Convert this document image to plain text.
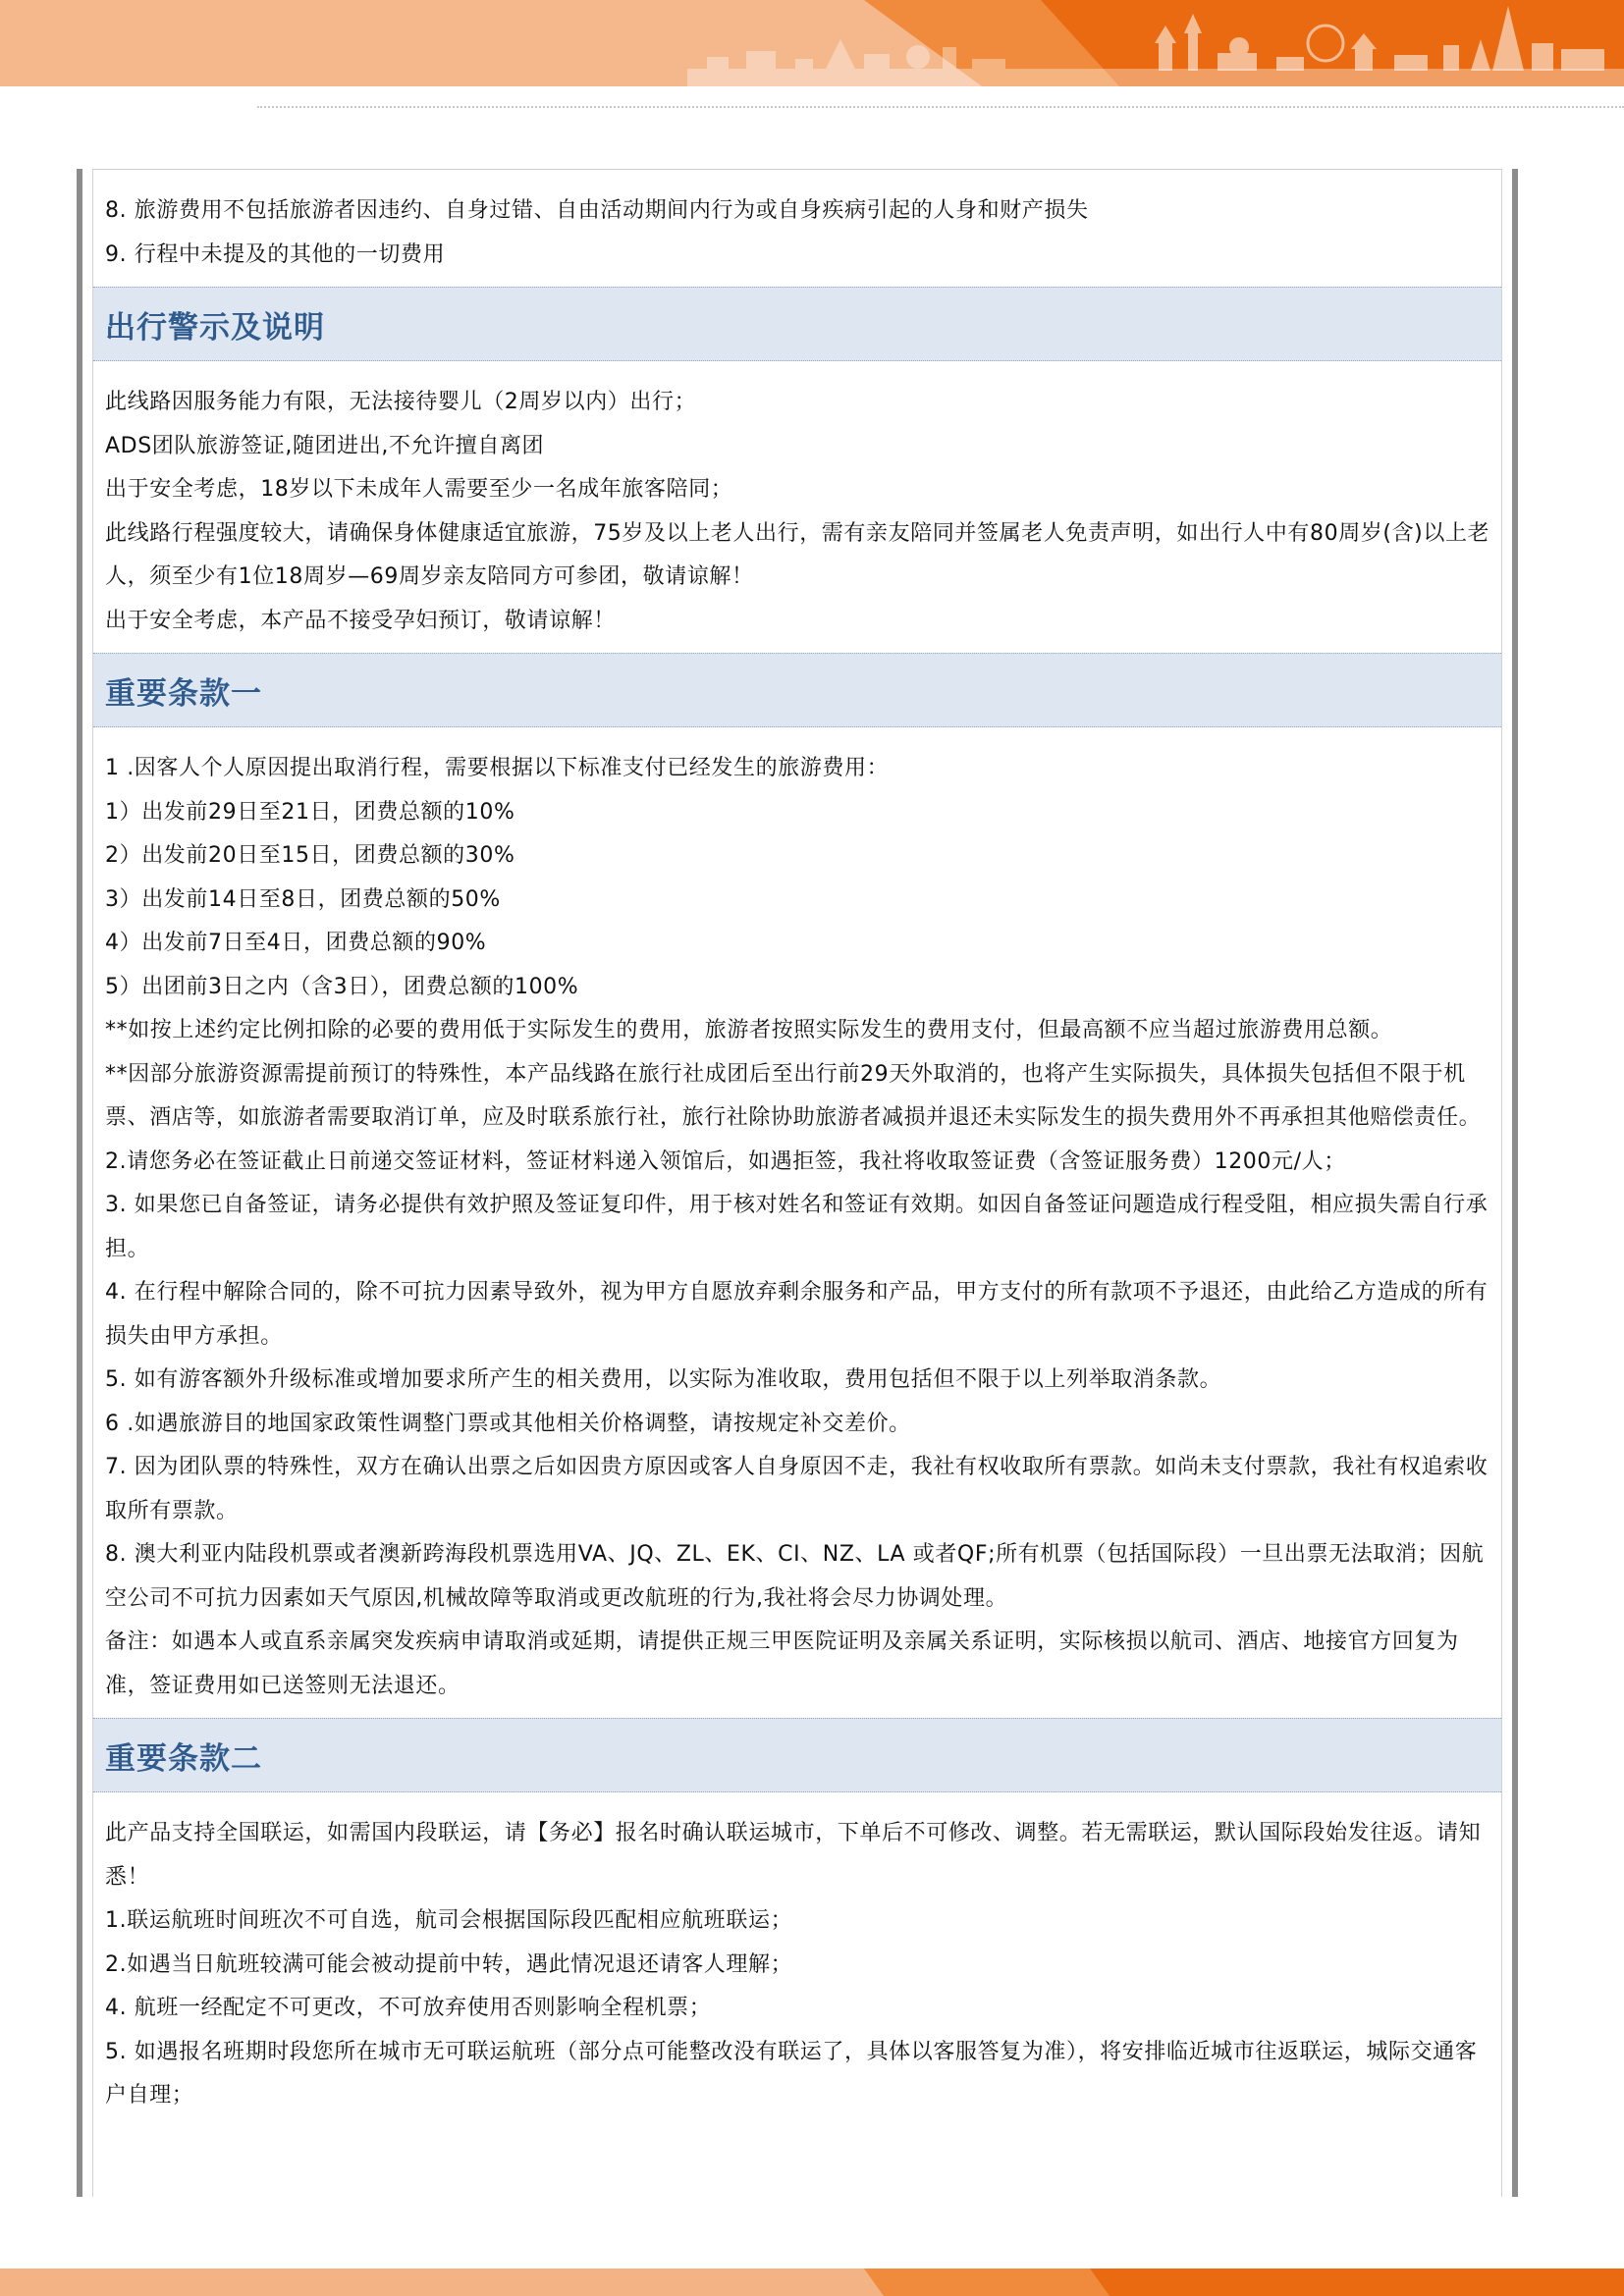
8. 旅游费用不包括旅游者因违约、自身过错、自由活动期间内行为或自身疾病引起的人身和财产损失

9. 行程中未提及的其他的一切费用

出行警示及说明

此线路因服务能力有限，无法接待婴儿（2周岁以内）出行；

ADS团队旅游签证,随团进出,不允许擅自离团

出于安全考虑，18岁以下未成年人需要至少一名成年旅客陪同；

此线路行程强度较大，请确保身体健康适宜旅游，75岁及以上老人出行，需有亲友陪同并签属老人免责声明，如出行人中有80周岁(含)以上老人，须至少有1位18周岁—69周岁亲友陪同方可参团，敬请谅解！

出于安全考虑，本产品不接受孕妇预订，敬请谅解！

重要条款一

1 .因客人个人原因提出取消行程，需要根据以下标准支付已经发生的旅游费用：

1）出发前29日至21日，团费总额的10%

2）出发前20日至15日，团费总额的30%

3）出发前14日至8日，团费总额的50%

4）出发前7日至4日，团费总额的90%

5）出团前3日之内（含3日），团费总额的100%

**如按上述约定比例扣除的必要的费用低于实际发生的费用，旅游者按照实际发生的费用支付，但最高额不应当超过旅游费用总额。

**因部分旅游资源需提前预订的特殊性，本产品线路在旅行社成团后至出行前29天外取消的，也将产生实际损失，具体损失包括但不限于机票、酒店等，如旅游者需要取消订单，应及时联系旅行社，旅行社除协助旅游者减损并退还未实际发生的损失费用外不再承担其他赔偿责任。

2.请您务必在签证截止日前递交签证材料，签证材料递入领馆后，如遇拒签，我社将收取签证费（含签证服务费）1200元/人；

3. 如果您已自备签证，请务必提供有效护照及签证复印件，用于核对姓名和签证有效期。如因自备签证问题造成行程受阻，相应损失需自行承担。

4. 在行程中解除合同的，除不可抗力因素导致外，视为甲方自愿放弃剩余服务和产品，甲方支付的所有款项不予退还，由此给乙方造成的所有损失由甲方承担。

5. 如有游客额外升级标准或增加要求所产生的相关费用，以实际为准收取，费用包括但不限于以上列举取消条款。

6 .如遇旅游目的地国家政策性调整门票或其他相关价格调整，请按规定补交差价。

7. 因为团队票的特殊性，双方在确认出票之后如因贵方原因或客人自身原因不走，我社有权收取所有票款。如尚未支付票款，我社有权追索收取所有票款。

8. 澳大利亚内陆段机票或者澳新跨海段机票选用VA、JQ、ZL、EK、CI、NZ、LA 或者QF;所有机票（包括国际段）一旦出票无法取消；因航空公司不可抗力因素如天气原因,机械故障等取消或更改航班的行为,我社将会尽力协调处理。

备注：如遇本人或直系亲属突发疾病申请取消或延期，请提供正规三甲医院证明及亲属关系证明，实际核损以航司、酒店、地接官方回复为准，签证费用如已送签则无法退还。

重要条款二

此产品支持全国联运，如需国内段联运，请【务必】报名时确认联运城市，下单后不可修改、调整。若无需联运，默认国际段始发往返。请知悉！

1.联运航班时间班次不可自选，航司会根据国际段匹配相应航班联运；

2.如遇当日航班较满可能会被动提前中转，遇此情况退还请客人理解；

4. 航班一经配定不可更改，不可放弃使用否则影响全程机票；

5. 如遇报名班期时段您所在城市无可联运航班（部分点可能整改没有联运了，具体以客服答复为准），将安排临近城市往返联运，城际交通客户自理；
